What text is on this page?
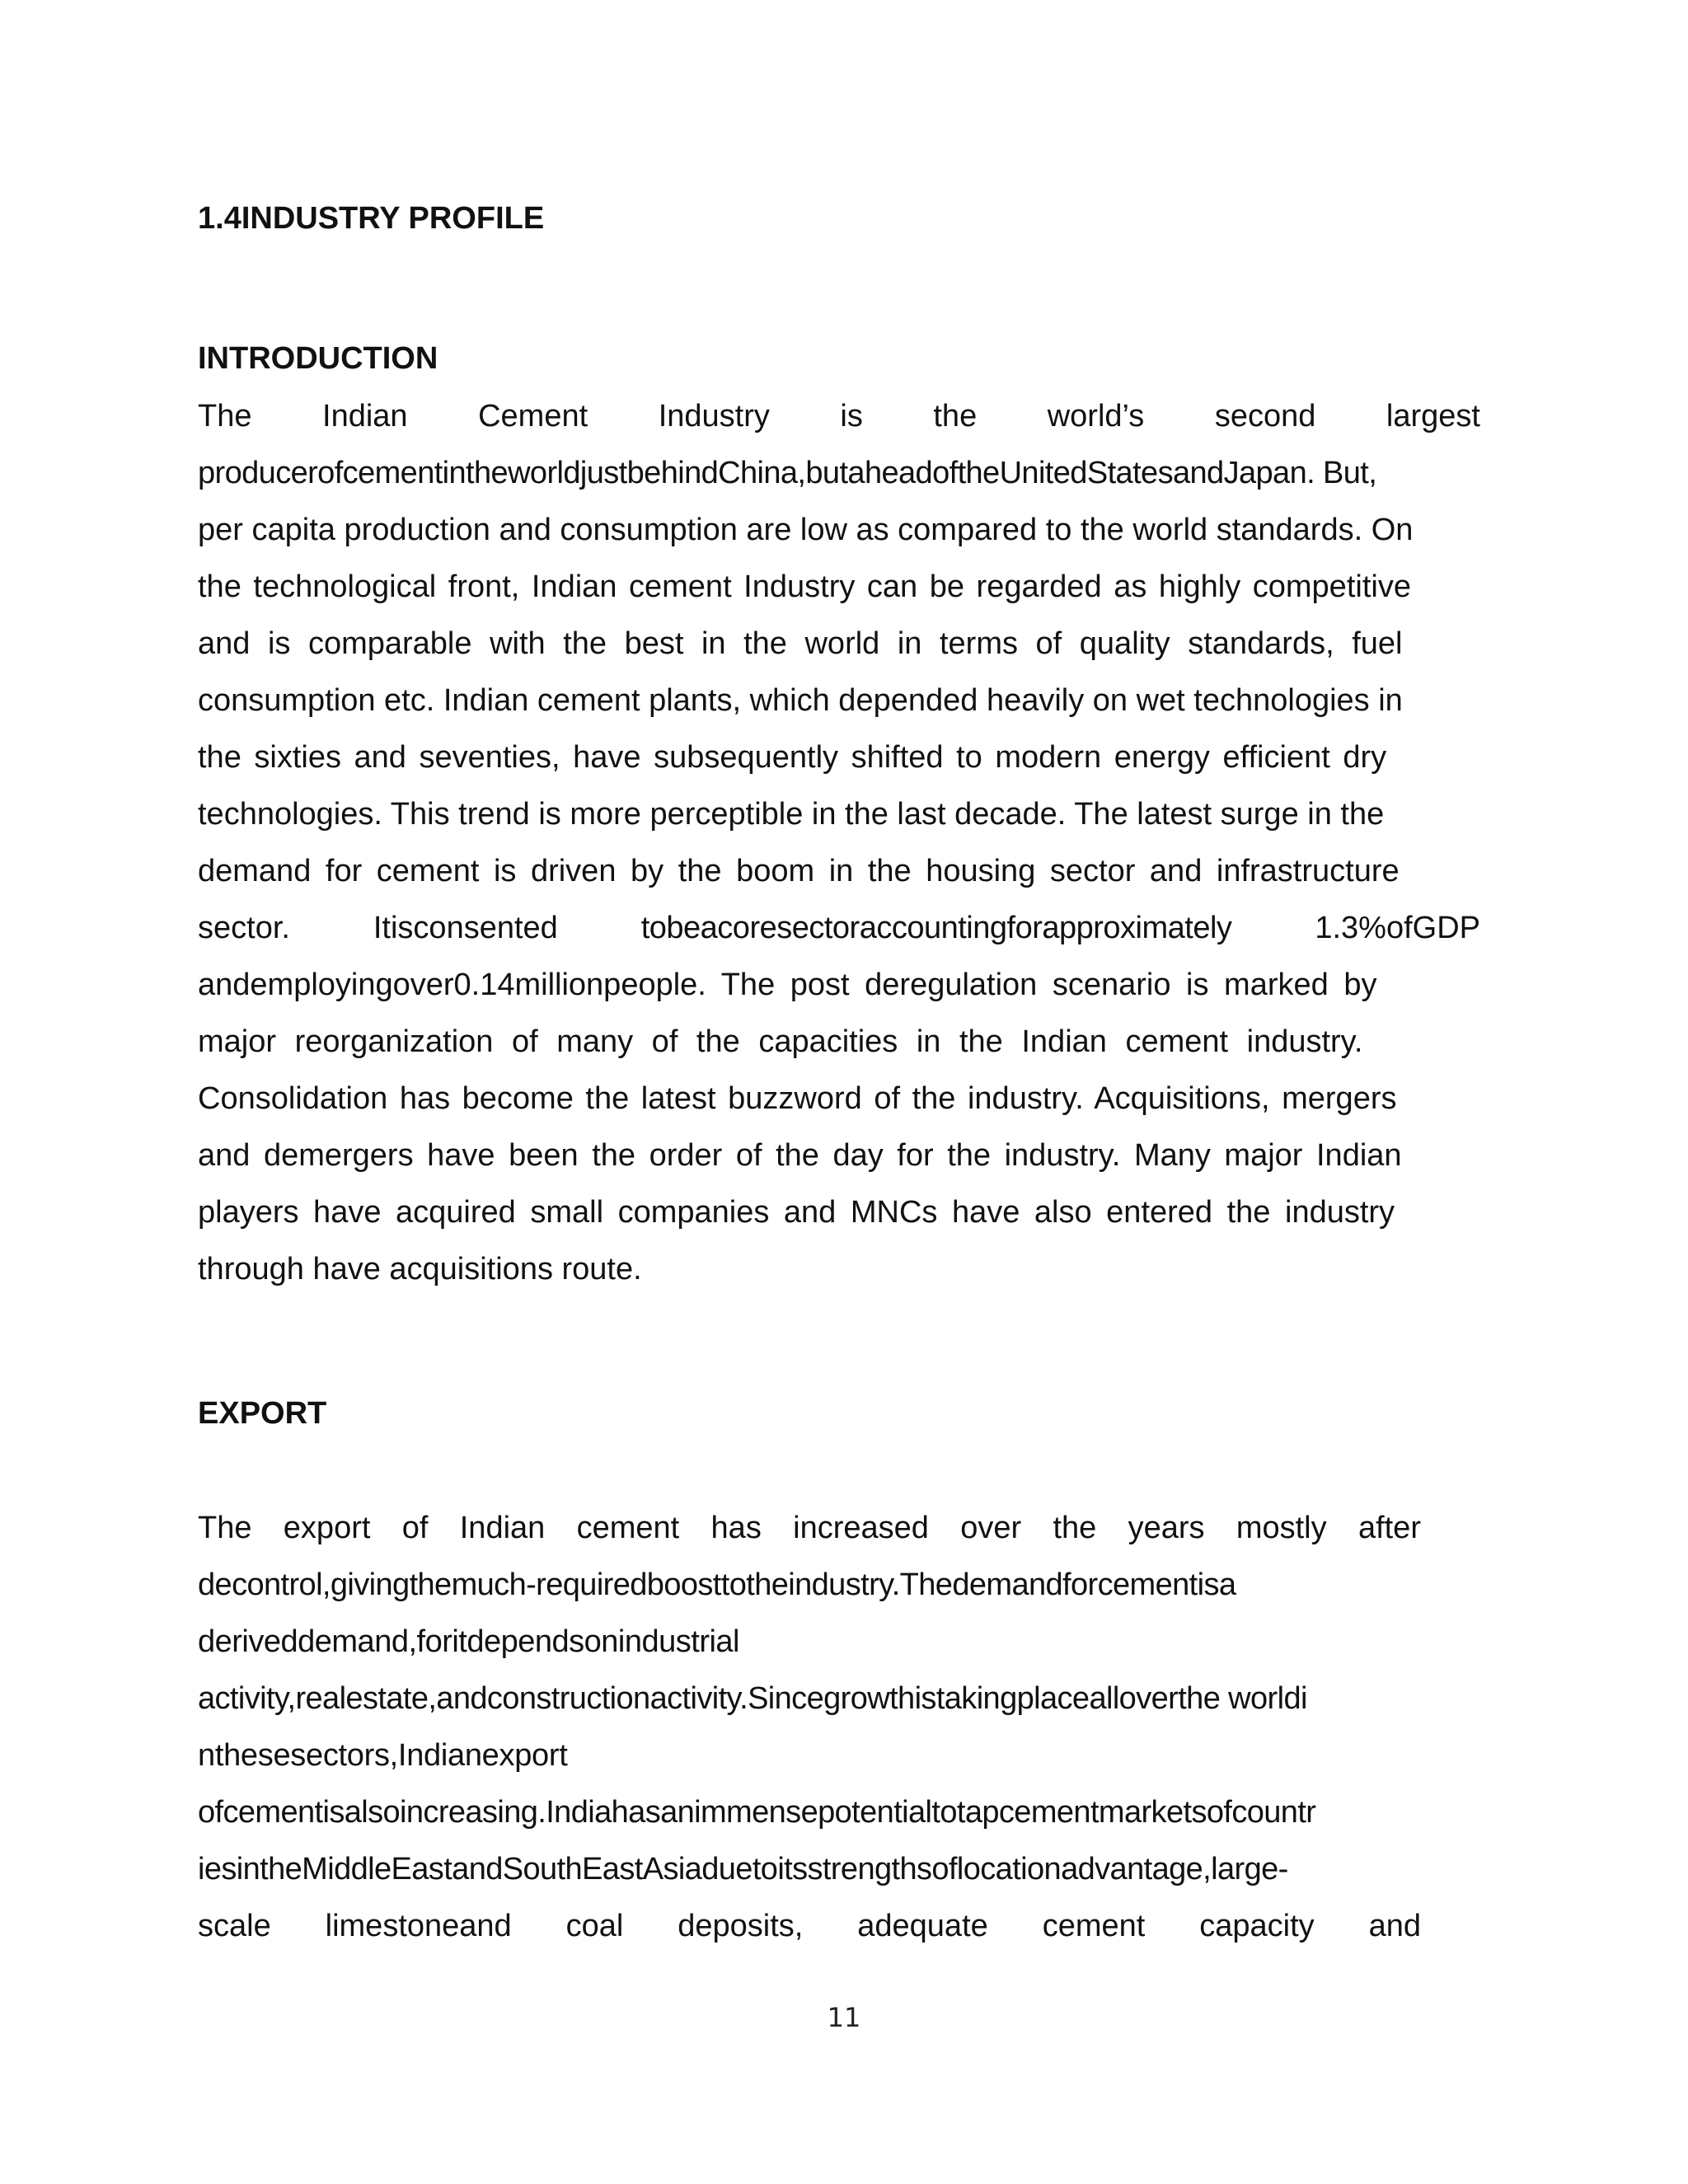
1.4INDUSTRY PROFILE
INTRODUCTION

The Indian Cement Industry is the world’s second largest

producerofcementintheworldjustbehindChina,butaheadoftheUnitedStatesandJapan. But,

per capita production and consumption are low as compared to the world standards. On

the technological front, Indian cement Industry can be regarded as highly competitive

and is comparable with the best in the world in terms of quality standards, fuel

consumption etc. Indian cement plants, which depended heavily on wet technologies in

the sixties and seventies, have subsequently shifted to modern energy efficient dry

technologies. This trend is more perceptible in the last decade. The latest surge in the

demand for cement is driven by the boom in the housing sector and infrastructure

sector.	Itisconsented	tobeacoresectoraccountingforapproximately	1.3%ofGDP

andemployingover0.14millionpeople. The post deregulation scenario is marked by

major reorganization of many of the capacities in the Indian cement industry.

Consolidation has become the latest buzzword of the industry. Acquisitions, mergers

and demergers have been the order of the day for the industry. Many major Indian

players have acquired small companies and MNCs have also entered the industry

through have acquisitions route.

EXPORT

The export of Indian cement has increased over the years mostly after

decontrol,givingthemuch-requiredboosttotheindustry.Thedemandforcementisa

deriveddemand,foritdependsonindustrial

activity,realestate,andconstructionactivity.Sincegrowthistakingplacealloverthe worldi

nthesesectors,Indianexport

ofcementisalsoincreasing.Indiahasanimmensepotentialtotapcementmarketsofcountr

iesintheMiddleEastandSouthEastAsiaduetoitsstrengthsoflocationadvantage,large-

scale limestoneand coal deposits, adequate cement capacity and

11
